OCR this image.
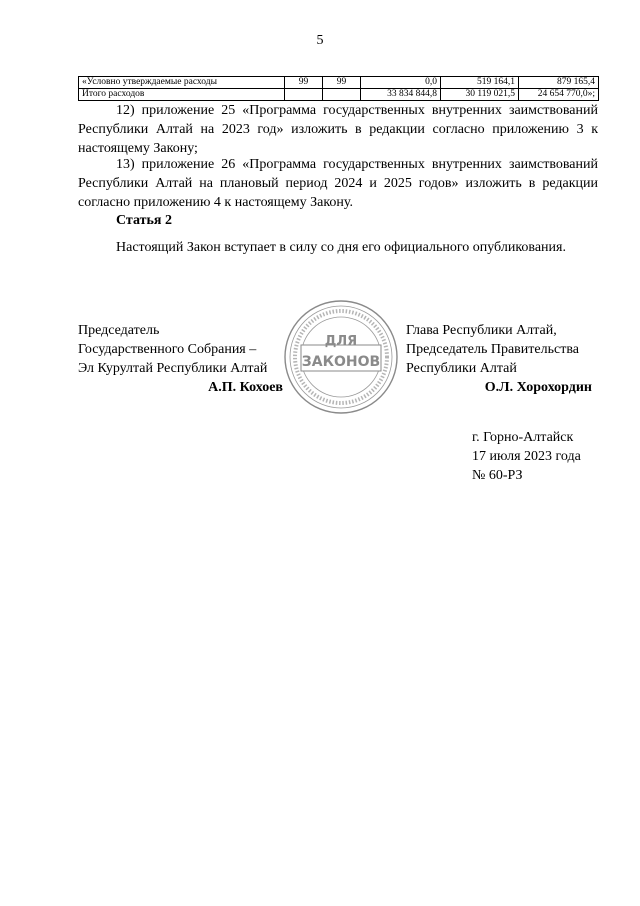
5
«Условно утверждаемые расходы	99	99	0,0	519 164,1	879 165,4
Итого расходов			33 834 844,8	30 119 021,5	24 654 770,0»;
12) приложение 25 «Программа государственных внутренних заимствований Республики Алтай на 2023 год» изложить в редакции согласно приложению 3 к настоящему Закону;
13) приложение 26 «Программа государственных внутренних заимствований Республики Алтай на плановый период 2024 и 2025 годов» изложить в редакции согласно приложению 4 к настоящему Закону.
Статья 2
Настоящий Закон вступает в силу со дня его официального опубликования.
Председатель
Государственного Собрания –
Эл Курултай Республики Алтай
А.П. Кохоев
Глава Республики Алтай,
Председатель Правительства
Республики Алтай
О.Л. Хорохордин
ДЛЯ
ЗАКОНОВ
г. Горно-Алтайск
17 июля 2023 года
№ 60-РЗ
